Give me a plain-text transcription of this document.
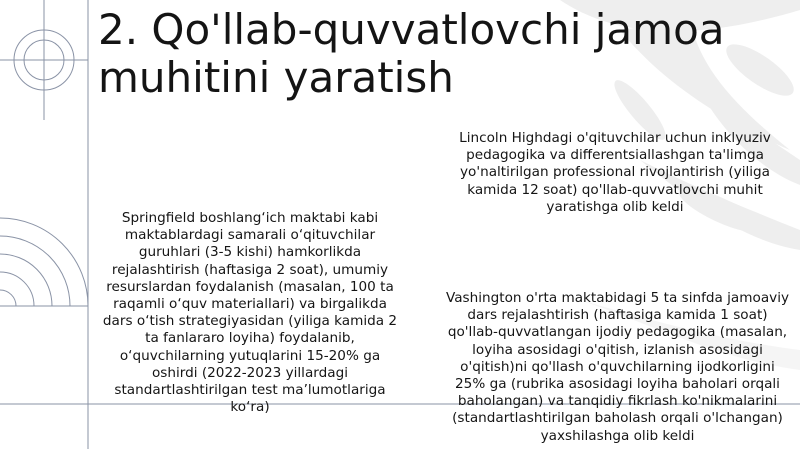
2. Qo'llab-quvvatlovchi jamoa muhitini yaratish
Springfield boshlang‘ich maktabi kabi maktablardagi samarali o‘qituvchilar guruhlari (3-5 kishi) hamkorlikda rejalashtirish (haftasiga 2 soat), umumiy resurslardan foydalanish (masalan, 100 ta raqamli o‘quv materiallari) va birgalikda dars o‘tish strategiyasidan (yiliga kamida 2 ta fanlararo loyiha) foydalanib, o‘quvchilarning yutuqlarini 15-20% ga oshirdi (2022-2023 yillardagi standartlashtirilgan test ma’lumotlariga ko‘ra)
Lincoln Highdagi o'qituvchilar uchun inklyuziv pedagogika va differentsiallashgan ta'limga yo'naltirilgan professional rivojlantirish (yiliga kamida 12 soat) qo'llab-quvvatlovchi muhit yaratishga olib keldi
Vashington o'rta maktabidagi 5 ta sinfda jamoaviy dars rejalashtirish (haftasiga kamida 1 soat) qo'llab-quvvatlangan ijodiy pedagogika (masalan, loyiha asosidagi o'qitish, izlanish asosidagi o'qitish)ni qo'llash o'quvchilarning ijodkorligini 25% ga (rubrika asosidagi loyiha baholari orqali baholangan) va tanqidiy fikrlash ko'nikmalarini (standartlashtirilgan baholash orqali o'lchangan) yaxshilashga olib keldi
